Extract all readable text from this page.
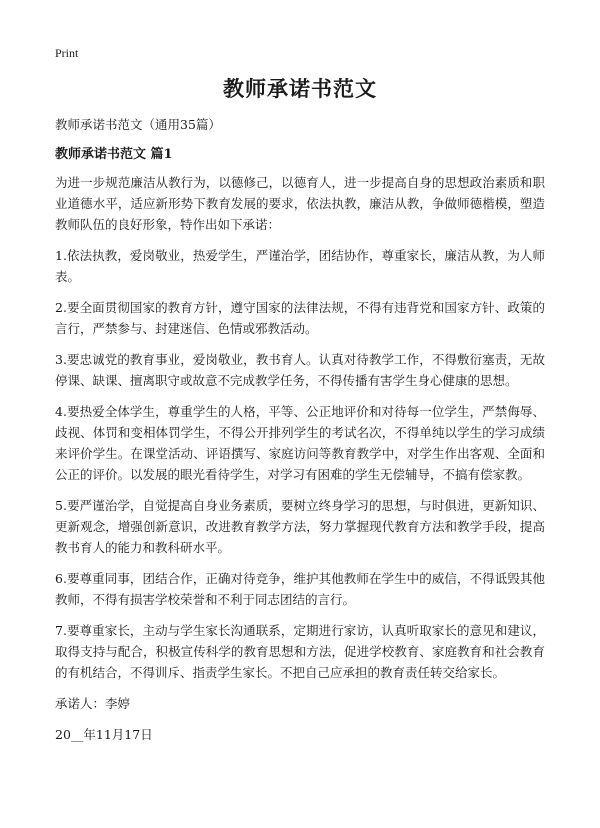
Print
教师承诺书范文
教师承诺书范文（通用35篇）
教师承诺书范文 篇1
为进一步规范廉洁从教行为，以德修己，以德育人，进一步提高自身的思想政治素质和职业道德水平，适应新形势下教育发展的要求，依法执教，廉洁从教，争做师德楷模，塑造教师队伍的良好形象，特作出如下承诺：
1.依法执教，爱岗敬业，热爱学生，严谨治学，团结协作，尊重家长，廉洁从教，为人师表。
2.要全面贯彻国家的教育方针，遵守国家的法律法规，不得有违背党和国家方针、政策的言行，严禁参与、封建迷信、色情或邪教活动。
3.要忠诚党的教育事业，爱岗敬业，教书育人。认真对待教学工作，不得敷衍塞责，无故停课、缺课、擅离职守或故意不完成教学任务，不得传播有害学生身心健康的思想。
4.要热爱全体学生，尊重学生的人格，平等、公正地评价和对待每一位学生，严禁侮辱、歧视、体罚和变相体罚学生，不得公开排列学生的考试名次，不得单纯以学生的学习成绩来评价学生。在课堂活动、评语撰写、家庭访问等教育教学中，对学生作出客观、全面和公正的评价。以发展的眼光看待学生，对学习有困难的学生无偿辅导，不搞有偿家教。
5.要严谨治学，自觉提高自身业务素质，要树立终身学习的思想，与时俱进，更新知识、更新观念，增强创新意识，改进教育教学方法，努力掌握现代教育方法和教学手段，提高教书育人的能力和教科研水平。
6.要尊重同事，团结合作，正确对待竞争，维护其他教师在学生中的威信，不得诋毁其他教师，不得有损害学校荣誉和不利于同志团结的言行。
7.要尊重家长，主动与学生家长沟通联系，定期进行家访，认真听取家长的意见和建议，取得支持与配合，积极宣传科学的教育思想和方法，促进学校教育、家庭教育和社会教育的有机结合，不得训斥、指责学生家长。不把自己应承担的教育责任转交给家长。
承诺人：李婷
20__年11月17日
